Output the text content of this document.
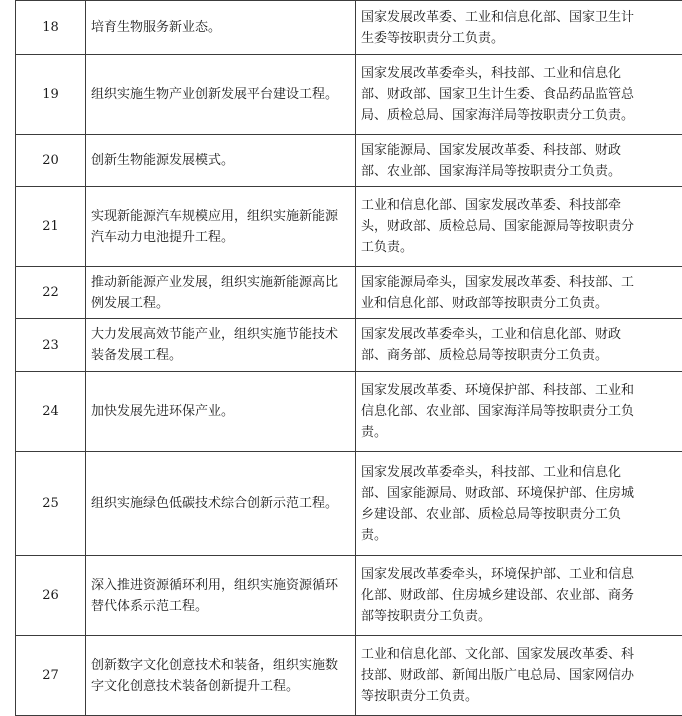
18	培育生物服务新业态。	国家发展改革委、工业和信息化部、国家卫生计
生委等按职责分工负责。

19	组织实施生物产业创新发展平台建设工程。	国家发展改革委牵头，科技部、工业和信息化
部、财政部、国家卫生计生委、食品药品监管总
局、质检总局、国家海洋局等按职责分工负责。

20	创新生物能源发展模式。	国家能源局、国家发展改革委、科技部、财政
部、农业部、国家海洋局等按职责分工负责。

21	实现新能源汽车规模应用，组织实施新能源汽车动力电池提升工程。	工业和信息化部、国家发展改革委、科技部牵
头，财政部、质检总局、国家能源局等按职责分
工负责。

22	推动新能源产业发展，组织实施新能源高比例发展工程。	国家能源局牵头，国家发展改革委、科技部、工
业和信息化部、财政部等按职责分工负责。

23	大力发展高效节能产业，组织实施节能技术装备发展工程。	国家发展改革委牵头，工业和信息化部、财政
部、商务部、质检总局等按职责分工负责。

24	加快发展先进环保产业。	国家发展改革委、环境保护部、科技部、工业和
信息化部、农业部、国家海洋局等按职责分工负
责。

25	组织实施绿色低碳技术综合创新示范工程。	国家发展改革委牵头，科技部、工业和信息化
部、国家能源局、财政部、环境保护部、住房城
乡建设部、农业部、质检总局等按职责分工负
责。

26	深入推进资源循环利用，组织实施资源循环替代体系示范工程。	国家发展改革委牵头，环境保护部、工业和信息
化部、财政部、住房城乡建设部、农业部、商务
部等按职责分工负责。

27	创新数字文化创意技术和装备，组织实施数字文化创意技术装备创新提升工程。	工业和信息化部、文化部、国家发展改革委、科
技部、财政部、新闻出版广电总局、国家网信办
等按职责分工负责。
